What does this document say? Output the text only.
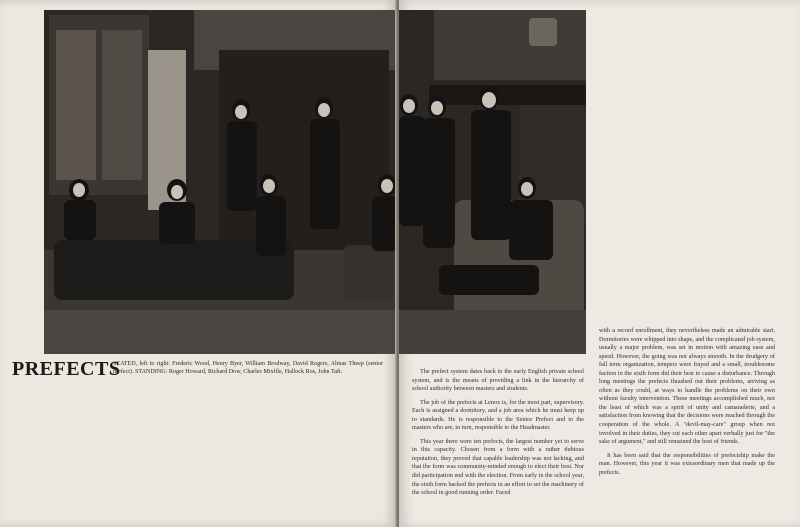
PREFECTS
SEATED, left to right: Frederic Wood, Henry Byer, William Brodway, David Rogers, Almas Theep (senior prefect). STANDING: Roger Howard, Richard Dow, Charles Mixfile, Hallock Ros, John Taft.	The prefect system dates back to the early English private school system, and is the means of providing a link in the hierarchy of school authority between masters and students.

The job of the prefects at Lenox is, for the most part, supervisory. Each is assigned a dormitory, and a job area which he must keep up to standards. He is responsible to the Senior Prefect and to the masters who are, in turn, responsible to the Headmaster.

This year there were ten prefects, the largest number yet to serve in this capacity. Chosen from a form with a rather dubious reputation, they proved that capable leadership was not lacking, and that the form was community-minded enough to elect their best. Nor did participation end with the election. From early in the school year, the sixth form backed the prefects in an effort to set the machinery of the school in good running order. Faced

with a record enrollment, they nevertheless made an admirable start. Dormitories were whipped into shape, and the complicated job system, usually a major problem, was set in motion with amazing ease and speed. However, the going was not always smooth. In the drudgery of fall term organization, tempers were frayed and a small, troublesome faction in the sixth form did their best to cause a disturbance. Through long meetings the prefects thrashed out their problems, arriving as often as they could, at ways to handle the problems on their own without faculty intervention. These meetings accomplished much, not the least of which was a spirit of unity and camaraderie, and a satisfaction from knowing that the decisions were reached through the cooperation of the whole. A "devil-may-care" group when not involved in their duties, they cut each other apart verbally just for "the sake of argument," and still remained the best of friends.

It has been said that the responsibilities of prefectship make the man. However, this year it was extraordinary men that made up the prefects.
